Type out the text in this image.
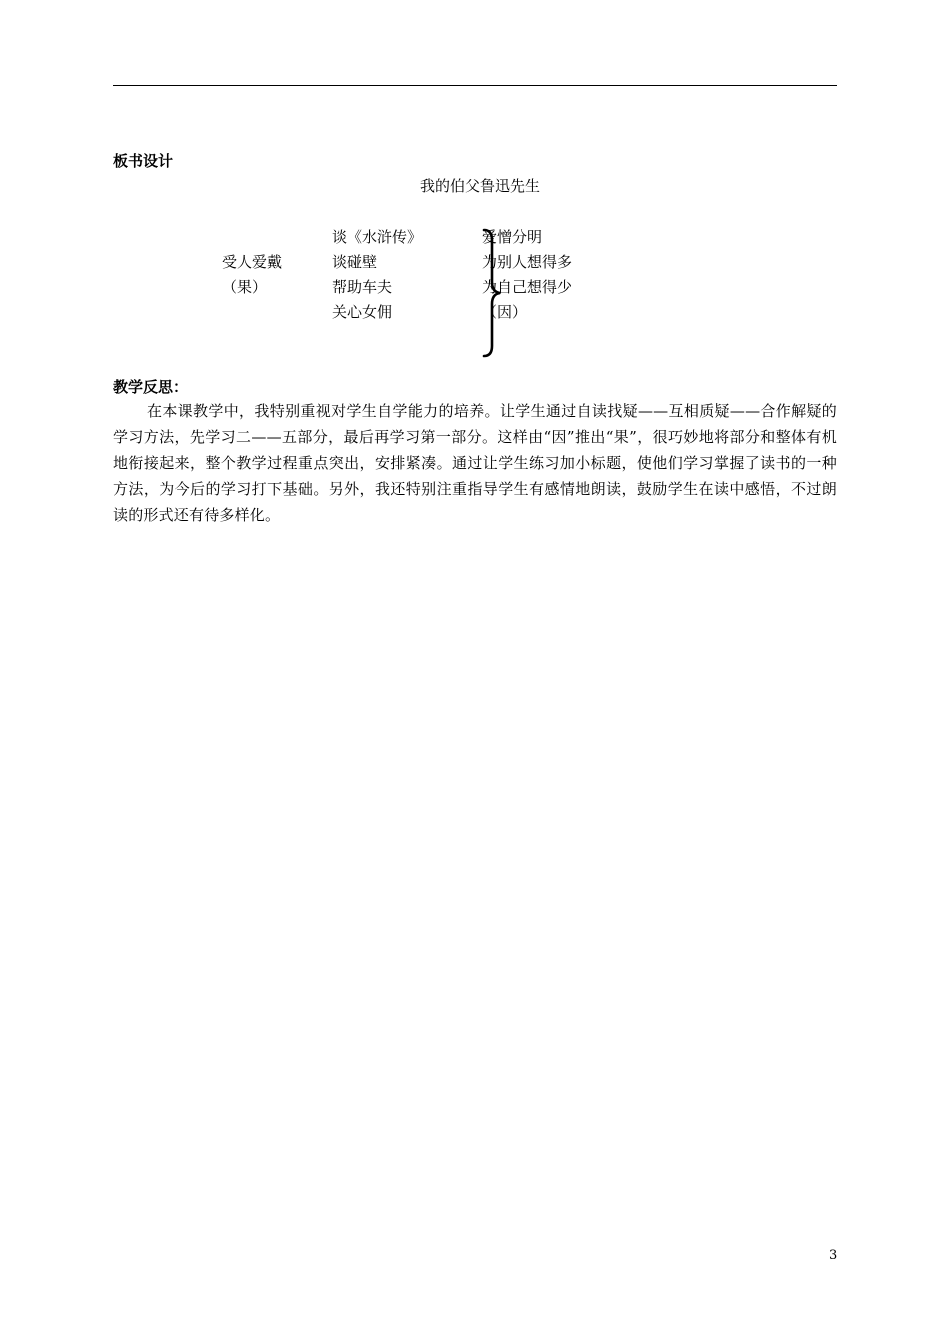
板书设计
我的伯父鲁迅先生
受人爱戴
（果）
谈《水浒传》
谈碰壁
帮助车夫
关心女佣
爱憎分明
为别人想得多
为自己想得少
（因）
教学反思：
在本课教学中，我特别重视对学生自学能力的培养。让学生通过自读找疑——互相质疑——合作解疑的学习方法，先学习二——五部分，最后再学习第一部分。这样由“因”推出“果”，很巧妙地将部分和整体有机地衔接起来，整个教学过程重点突出，安排紧凑。通过让学生练习加小标题，使他们学习掌握了读书的一种方法，为今后的学习打下基础。另外，我还特别注重指导学生有感情地朗读，鼓励学生在读中感悟，不过朗读的形式还有待多样化。
3
